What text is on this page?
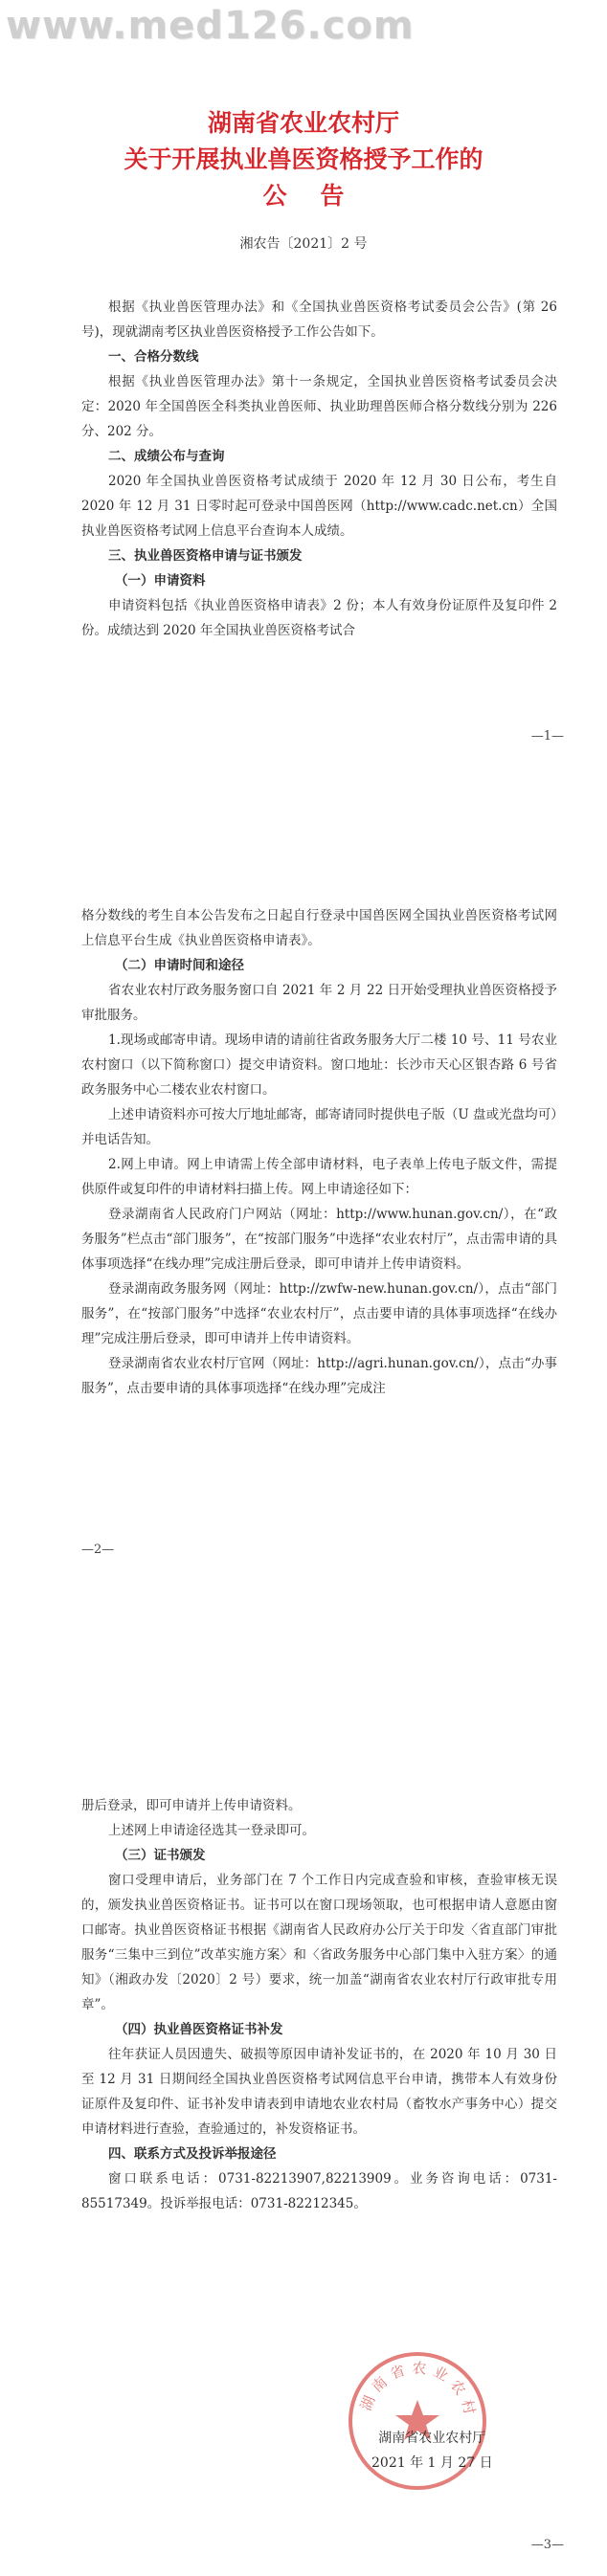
www.med126.com
湖南省农业农村厅
关于开展执业兽医资格授予工作的
公    告
湘农告〔2021〕2 号
根据《执业兽医管理办法》和《全国执业兽医资格考试委员会公告》(第 26 号)，现就湖南考区执业兽医资格授予工作公告如下。
一、合格分数线
根据《执业兽医管理办法》第十一条规定，全国执业兽医资格考试委员会决定：2020 年全国兽医全科类执业兽医师、执业助理兽医师合格分数线分别为 226 分、202 分。
二、成绩公布与查询
2020 年全国执业兽医资格考试成绩于 2020 年 12 月 30 日公布，考生自 2020 年 12 月 31 日零时起可登录中国兽医网（http://www.cadc.net.cn）全国执业兽医资格考试网上信息平台查询本人成绩。
三、执业兽医资格申请与证书颁发
（一）申请资料
申请资料包括《执业兽医资格申请表》2 份；本人有效身份证原件及复印件 2 份。成绩达到 2020 年全国执业兽医资格考试合
—1—
格分数线的考生自本公告发布之日起自行登录中国兽医网全国执业兽医资格考试网上信息平台生成《执业兽医资格申请表》。
（二）申请时间和途径
省农业农村厅政务服务窗口自 2021 年 2 月 22 日开始受理执业兽医资格授予审批服务。
1.现场或邮寄申请。现场申请的请前往省政务服务大厅二楼 10 号、11 号农业农村窗口（以下简称窗口）提交申请资料。窗口地址：长沙市天心区银杏路 6 号省政务服务中心二楼农业农村窗口。
上述申请资料亦可按大厅地址邮寄，邮寄请同时提供电子版（U 盘或光盘均可）并电话告知。
2.网上申请。网上申请需上传全部申请材料，电子表单上传电子版文件，需提供原件或复印件的申请材料扫描上传。网上申请途径如下：
登录湖南省人民政府门户网站（网址：http://www.hunan.gov.cn/），在“政务服务”栏点击“部门服务”，在“按部门服务”中选择“农业农村厅”，点击需申请的具体事项选择“在线办理”完成注册后登录，即可申请并上传申请资料。
登录湖南政务服务网（网址：http://zwfw-new.hunan.gov.cn/），点击“部门服务”，在“按部门服务”中选择“农业农村厅”，点击要申请的具体事项选择“在线办理”完成注册后登录，即可申请并上传申请资料。
登录湖南省农业农村厅官网（网址：http://agri.hunan.gov.cn/），点击“办事服务”，点击要申请的具体事项选择“在线办理”完成注
—2—
册后登录，即可申请并上传申请资料。
上述网上申请途径选其一登录即可。
（三）证书颁发
窗口受理申请后，业务部门在 7 个工作日内完成查验和审核，查验审核无误的，颁发执业兽医资格证书。证书可以在窗口现场领取，也可根据申请人意愿由窗口邮寄。执业兽医资格证书根据《湖南省人民政府办公厅关于印发〈省直部门审批服务“三集中三到位”改革实施方案〉和〈省政务服务中心部门集中入驻方案〉的通知》（湘政办发〔2020〕2 号）要求，统一加盖“湖南省农业农村厅行政审批专用章”。
（四）执业兽医资格证书补发
往年获证人员因遗失、破损等原因申请补发证书的，在 2020 年 10 月 30 日至 12 月 31 日期间经全国执业兽医资格考试网信息平台申请，携带本人有效身份证原件及复印件、证书补发申请表到申请地农业农村局（畜牧水产事务中心）提交申请材料进行查验，查验通过的，补发资格证书。
四、联系方式及投诉举报途径
窗口联系电话：0731-82213907,82213909。业务咨询电话：0731-85517349。投诉举报电话：0731-82212345。
湖南省农业农村
湖南省农业农村厅
2021 年 1 月 27 日
—3—
